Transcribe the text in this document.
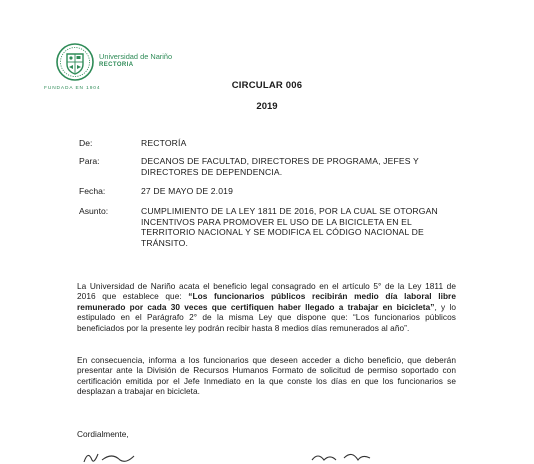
Universidad de Nariño
RECTORIA
FUNDADA EN 1904	CIRCULAR 006
2019
De:	RECTORÍA
Para:	DECANOS DE FACULTAD, DIRECTORES DE PROGRAMA, JEFES Y DIRECTORES DE DEPENDENCIA.
Fecha:	27 DE MAYO DE 2.019
Asunto:	CUMPLIMIENTO DE LA LEY 1811 DE 2016, POR LA CUAL SE OTORGAN INCENTIVOS PARA PROMOVER EL USO DE LA BICICLETA EN EL TERRITORIO NACIONAL Y SE MODIFICA EL CÓDIGO NACIONAL DE TRÁNSITO.
La Universidad de Nariño acata el beneficio legal consagrado en el artículo 5° de la Ley 1811 de 2016 que establece que: “Los funcionarios públicos recibirán medio día laboral libre remunerado por cada 30 veces que certifiquen haber llegado a trabajar en bicicleta”, y lo estipulado en el Parágrafo 2° de la misma Ley que dispone que: “Los funcionarios públicos beneficiados por la presente ley podrán recibir hasta 8 medios días remunerados al año”.
En consecuencia, informa a los funcionarios que deseen acceder a dicho beneficio, que deberán presentar ante la División de Recursos Humanos Formato de solicitud de permiso soportado con certificación emitida por el Jefe Inmediato en la que conste los días en que los funcionarios se desplazan a trabajar en bicicleta.
Cordialmente,
